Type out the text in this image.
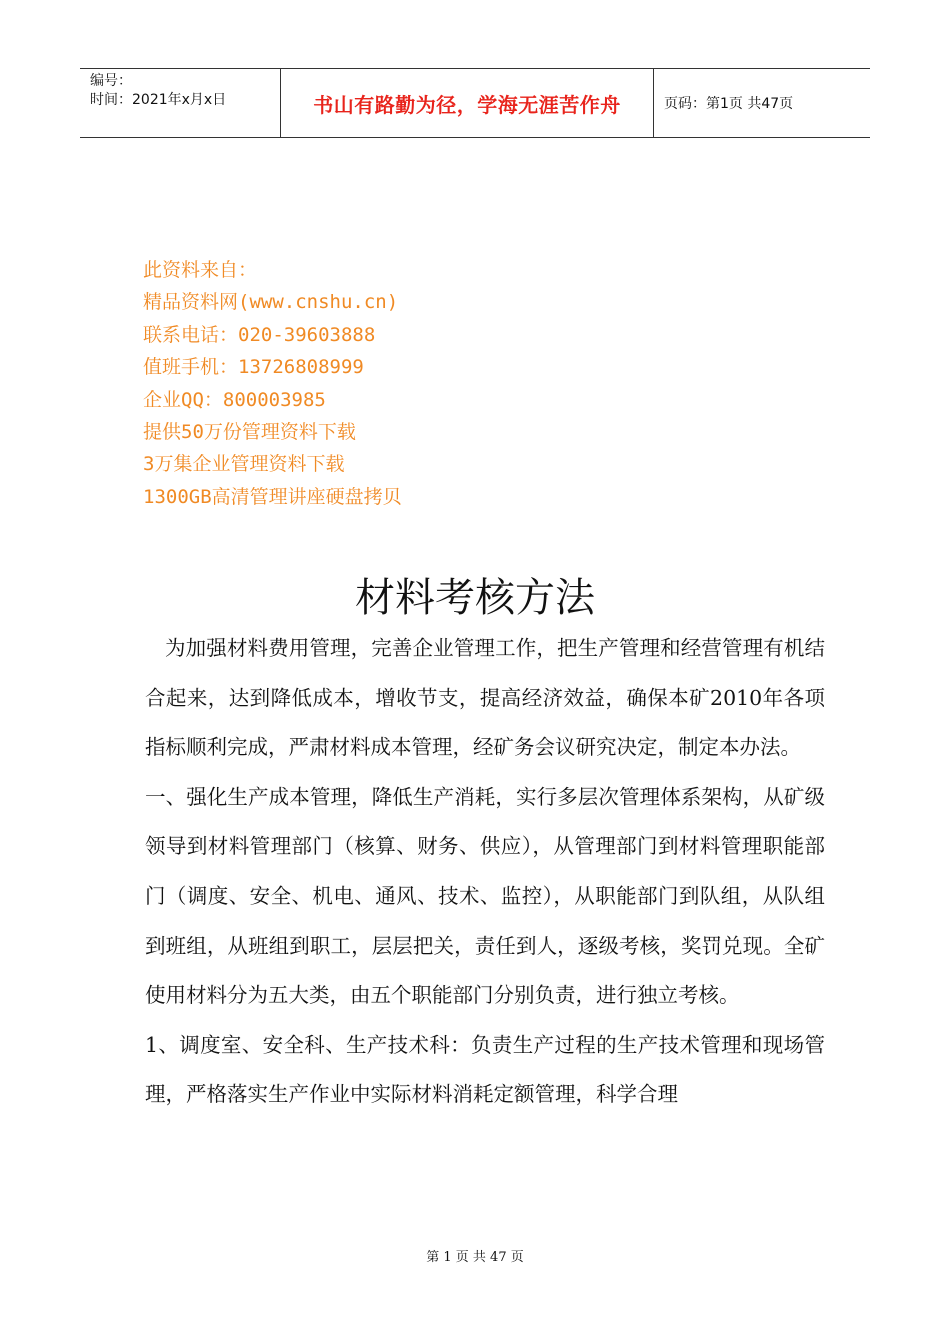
编号：
时间：2021年x月x日	书山有路勤为径，学海无涯苦作舟	页码：第1页 共47页
此资料来自：
精品资料网(www.cnshu.cn)
联系电话：020-39603888
值班手机：13726808999
企业QQ：800003985
提供50万份管理资料下载
3万集企业管理资料下载
1300GB高清管理讲座硬盘拷贝
材料考核方法

为加强材料费用管理，完善企业管理工作，把生产管理和经营管理有机结合起来，达到降低成本，增收节支，提高经济效益，确保本矿2010年各项指标顺利完成，严肃材料成本管理，经矿务会议研究决定，制定本办法。

一、强化生产成本管理，降低生产消耗，实行多层次管理体系架构，从矿级领导到材料管理部门（核算、财务、供应），从管理部门到材料管理职能部门（调度、安全、机电、通风、技术、监控），从职能部门到队组，从队组到班组，从班组到职工，层层把关，责任到人，逐级考核，奖罚兑现。全矿使用材料分为五大类，由五个职能部门分别负责，进行独立考核。

1、调度室、安全科、生产技术科：负责生产过程的生产技术管理和现场管理，严格落实生产作业中实际材料消耗定额管理，科学合理

第 1 页 共 47 页
